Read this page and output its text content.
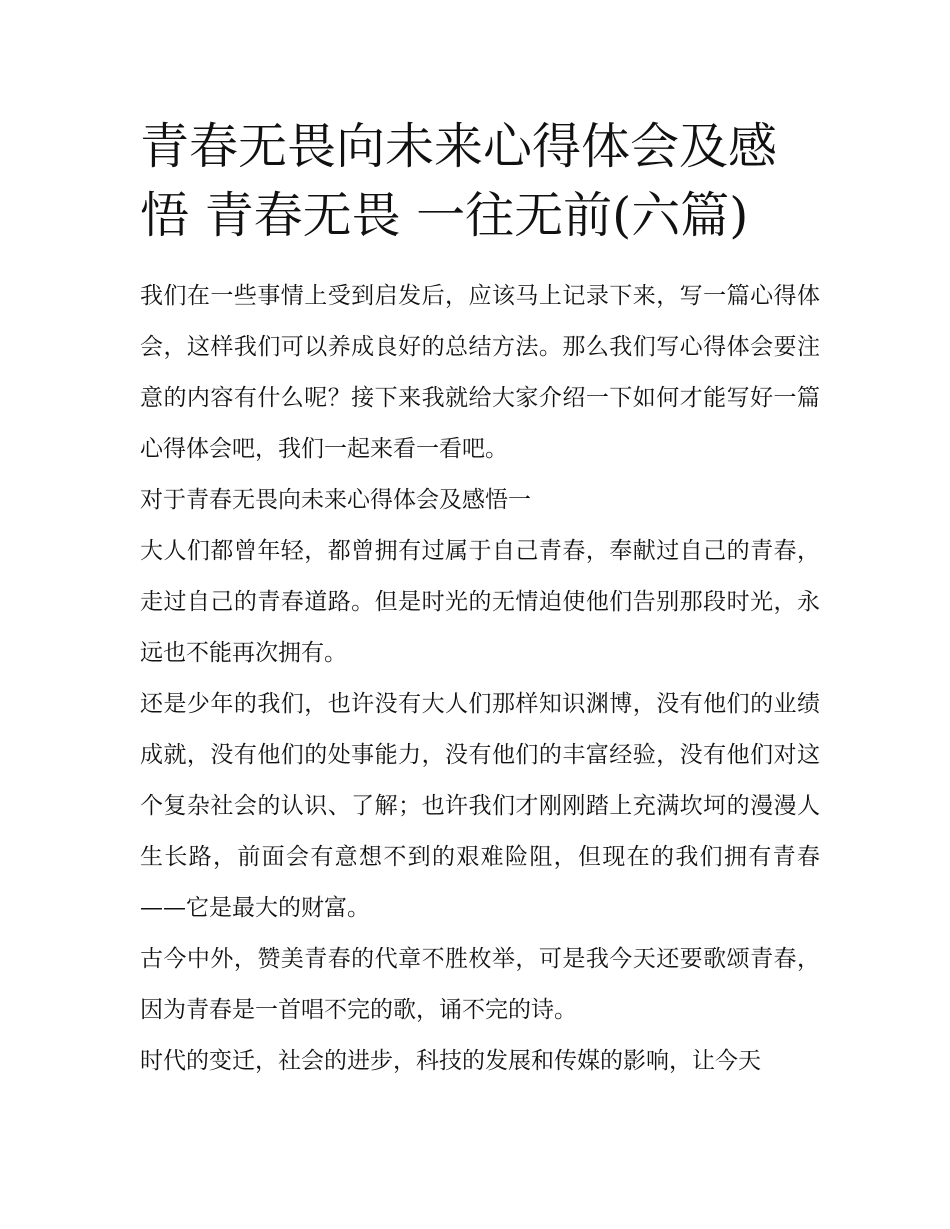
青春无畏向未来心得体会及感悟 青春无畏 一往无前(六篇)

我们在一些事情上受到启发后，应该马上记录下来，写一篇心得体会，这样我们可以养成良好的总结方法。那么我们写心得体会要注意的内容有什么呢？接下来我就给大家介绍一下如何才能写好一篇心得体会吧，我们一起来看一看吧。

对于青春无畏向未来心得体会及感悟一

大人们都曾年轻，都曾拥有过属于自己青春，奉献过自己的青春，走过自己的青春道路。但是时光的无情迫使他们告别那段时光，永远也不能再次拥有。

还是少年的我们，也许没有大人们那样知识渊博，没有他们的业绩成就，没有他们的处事能力，没有他们的丰富经验，没有他们对这个复杂社会的认识、了解；也许我们才刚刚踏上充满坎坷的漫漫人生长路，前面会有意想不到的艰难险阻，但现在的我们拥有青春——它是最大的财富。

古今中外，赞美青春的代章不胜枚举，可是我今天还要歌颂青春，因为青春是一首唱不完的歌，诵不完的诗。

时代的变迁，社会的进步，科技的发展和传媒的影响，让今天
